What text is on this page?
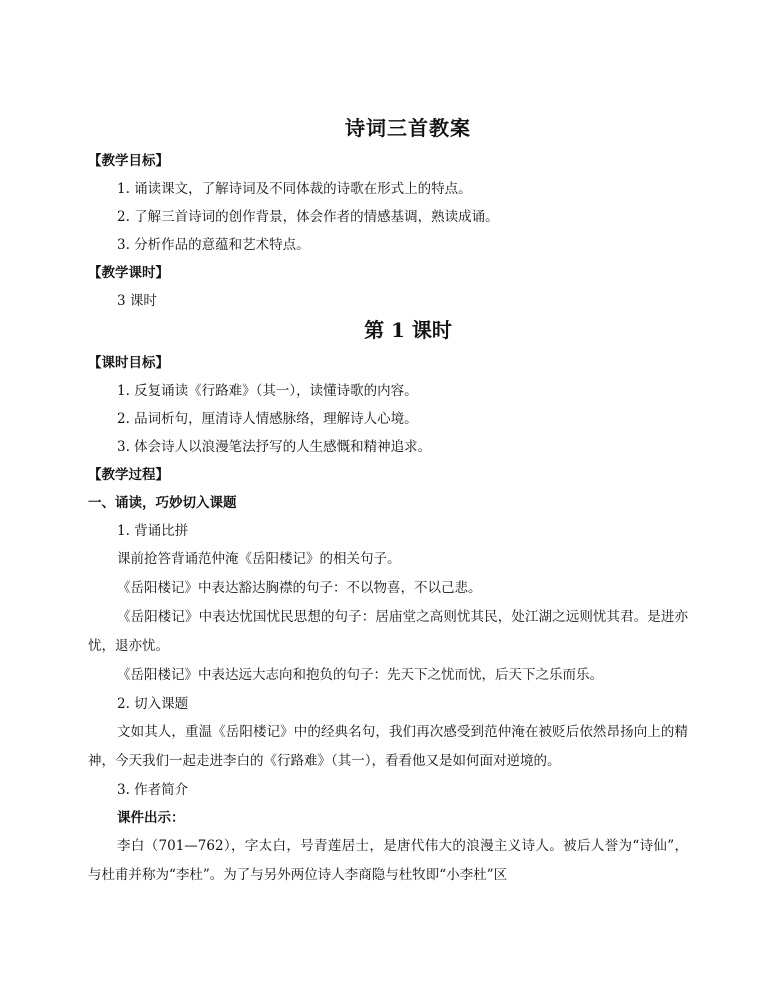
诗词三首教案
【教学目标】
1. 诵读课文，了解诗词及不同体裁的诗歌在形式上的特点。
2. 了解三首诗词的创作背景，体会作者的情感基调，熟读成诵。
3. 分析作品的意蕴和艺术特点。
【教学课时】
3 课时
第 1 课时
【课时目标】
1. 反复诵读《行路难》（其一），读懂诗歌的内容。
2. 品词析句，厘清诗人情感脉络，理解诗人心境。
3. 体会诗人以浪漫笔法抒写的人生感慨和精神追求。
【教学过程】
一、诵读，巧妙切入课题
1. 背诵比拼
课前抢答背诵范仲淹《岳阳楼记》的相关句子。
《岳阳楼记》中表达豁达胸襟的句子：不以物喜，不以己悲。
《岳阳楼记》中表达忧国忧民思想的句子：居庙堂之高则忧其民，处江湖之远则忧其君。是进亦忧，退亦忧。
《岳阳楼记》中表达远大志向和抱负的句子：先天下之忧而忧，后天下之乐而乐。
2. 切入课题
文如其人，重温《岳阳楼记》中的经典名句，我们再次感受到范仲淹在被贬后依然昂扬向上的精神，今天我们一起走进李白的《行路难》（其一），看看他又是如何面对逆境的。
3. 作者简介
课件出示：
李白（701—762），字太白，号青莲居士，是唐代伟大的浪漫主义诗人。被后人誉为“诗仙”，与杜甫并称为“李杜”。为了与另外两位诗人李商隐与杜牧即“小李杜”区
